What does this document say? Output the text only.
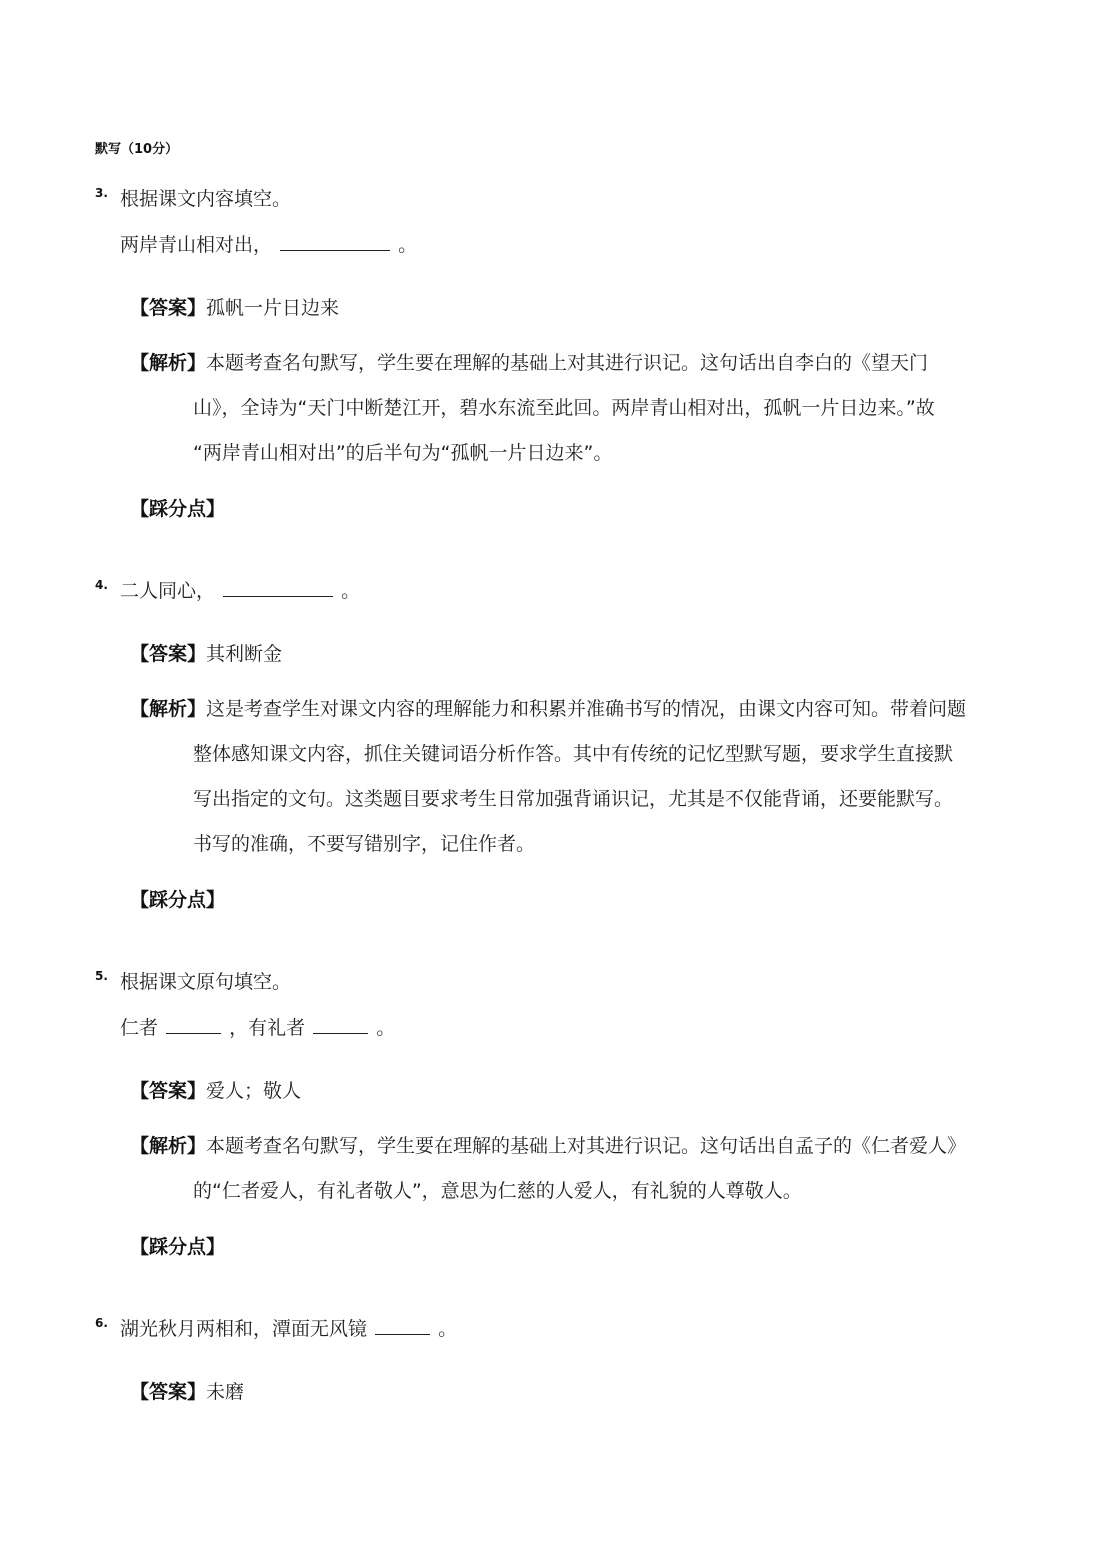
默写（10分）
3. 根据课文内容填空。
两岸青山相对出，	。
【答案】孤帆一片日边来
【解析】本题考查名句默写，学生要在理解的基础上对其进行识记。这句话出自李白的《望天门
山》，全诗为“天门中断楚江开，碧水东流至此回。两岸青山相对出，孤帆一片日边来。”故
“两岸青山相对出”的后半句为“孤帆一片日边来”。
【踩分点】
4. 二人同心，	。
【答案】其利断金
【解析】这是考查学生对课文内容的理解能力和积累并准确书写的情况，由课文内容可知。带着问题
整体感知课文内容，抓住关键词语分析作答。其中有传统的记忆型默写题，要求学生直接默
写出指定的文句。这类题目要求考生日常加强背诵识记，尤其是不仅能背诵，还要能默写。
书写的准确，不要写错别字，记住作者。
【踩分点】
5. 根据课文原句填空。
仁者	，有礼者	。
【答案】爱人；敬人
【解析】本题考查名句默写，学生要在理解的基础上对其进行识记。这句话出自孟子的《仁者爱人》
的“仁者爱人，有礼者敬人”，意思为仁慈的人爱人，有礼貌的人尊敬人。
【踩分点】
6. 湖光秋月两相和，潭面无风镜	。
【答案】未磨
